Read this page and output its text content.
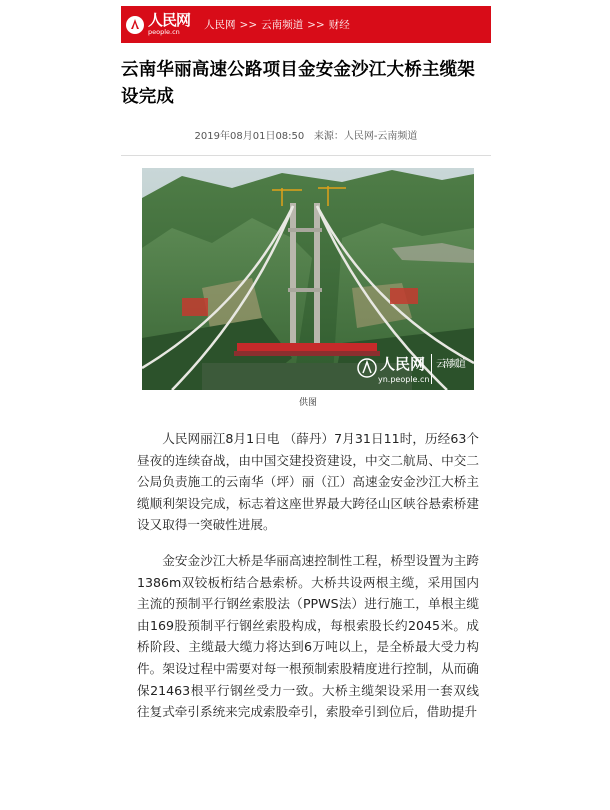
人民网
people.cn
人民网 >> 云南频道 >> 财经
云南华丽高速公路项目金安金沙江大桥主缆架设完成
2019年08月01日08:50 来源：人民网-云南频道
人民网
yn.people.cn
云南频道
供图

人民网丽江8月1日电 （薛丹）7月31日11时，历经63个昼夜的连续奋战，由中国交建投资建设，中交二航局、中交二公局负责施工的云南华（坪）丽（江）高速金安金沙江大桥主缆顺利架设完成，标志着这座世界最大跨径山区峡谷悬索桥建设又取得一突破性进展。

金安金沙江大桥是华丽高速控制性工程，桥型设置为主跨1386m双铰板桁结合悬索桥。大桥共设两根主缆，采用国内主流的预制平行钢丝索股法（PPWS法）进行施工，单根主缆由169股预制平行钢丝索股构成，每根索股长约2045米。成桥阶段、主缆最大缆力将达到6万吨以上，是全桥最大受力构件。架设过程中需要对每一根预制索股精度进行控制，从而确保21463根平行钢丝受力一致。大桥主缆架设采用一套双线往复式牵引系统来完成索股牵引，索股牵引到位后，借助提升
